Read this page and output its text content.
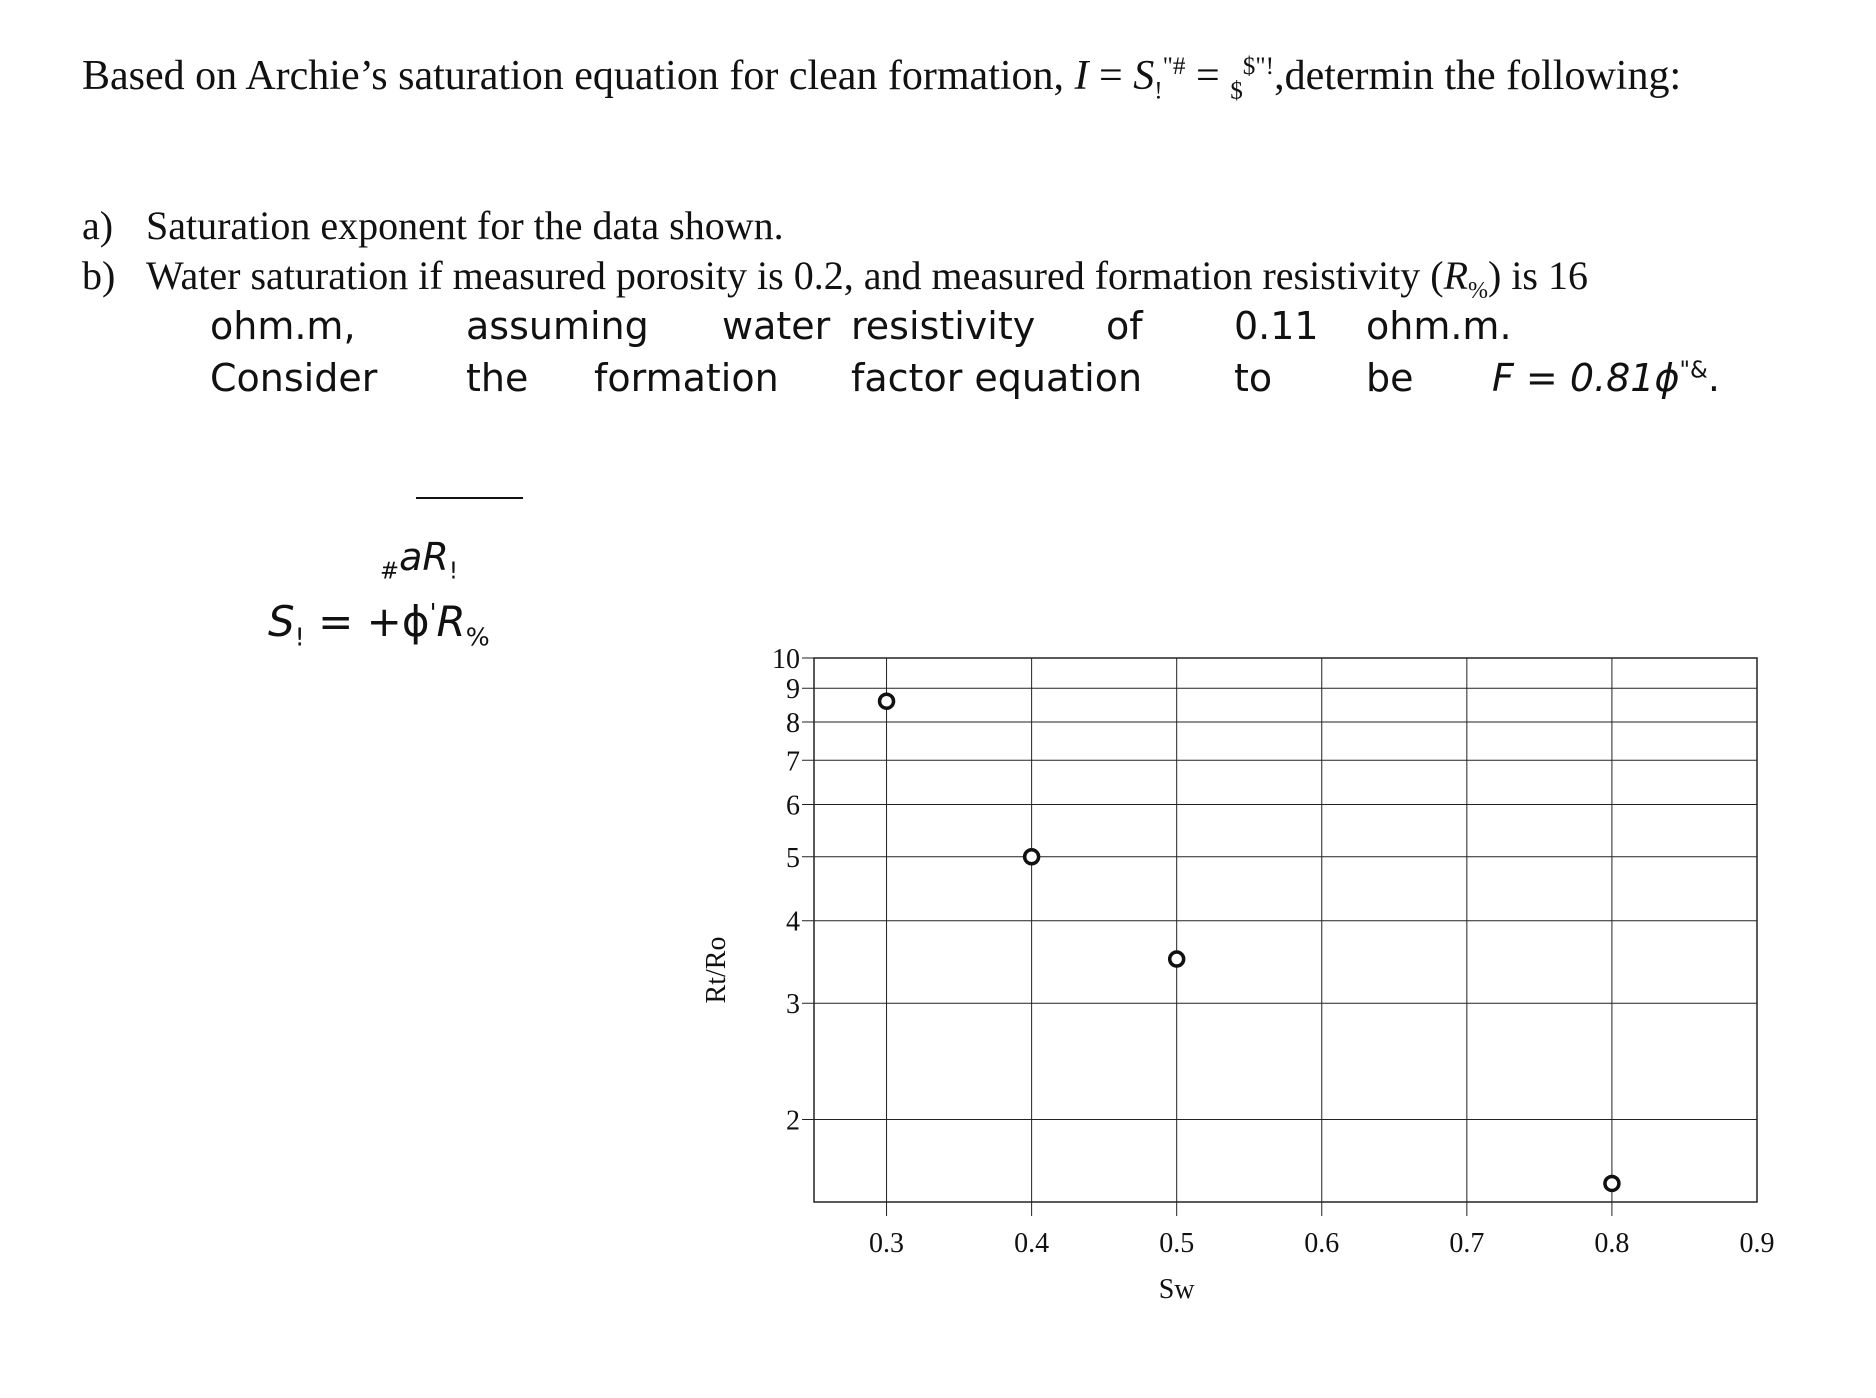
Based on Archie’s saturation equation for clean formation, $I = S_!^{"\#}$ = $_{\$}$\$"!,determin the following:
a) Saturation exponent for the data shown.
b) Water saturation if measured porosity is 0.2, and measured formation resistivity $(R_{\%})$ is 16
ohm.m,	assuming water resistivity of 0.11 ohm.m.
Consider the formation factor equation to be F = 0.81ϕ"&.
$_{\#}aR_!$
$S_! = +\phi'R_{\%}$
0.3	0.4	0.5	0.6	0.7	0.8	0.9
10
9
8
7
6
5
4
3
2
Sw
Rt/Ro
